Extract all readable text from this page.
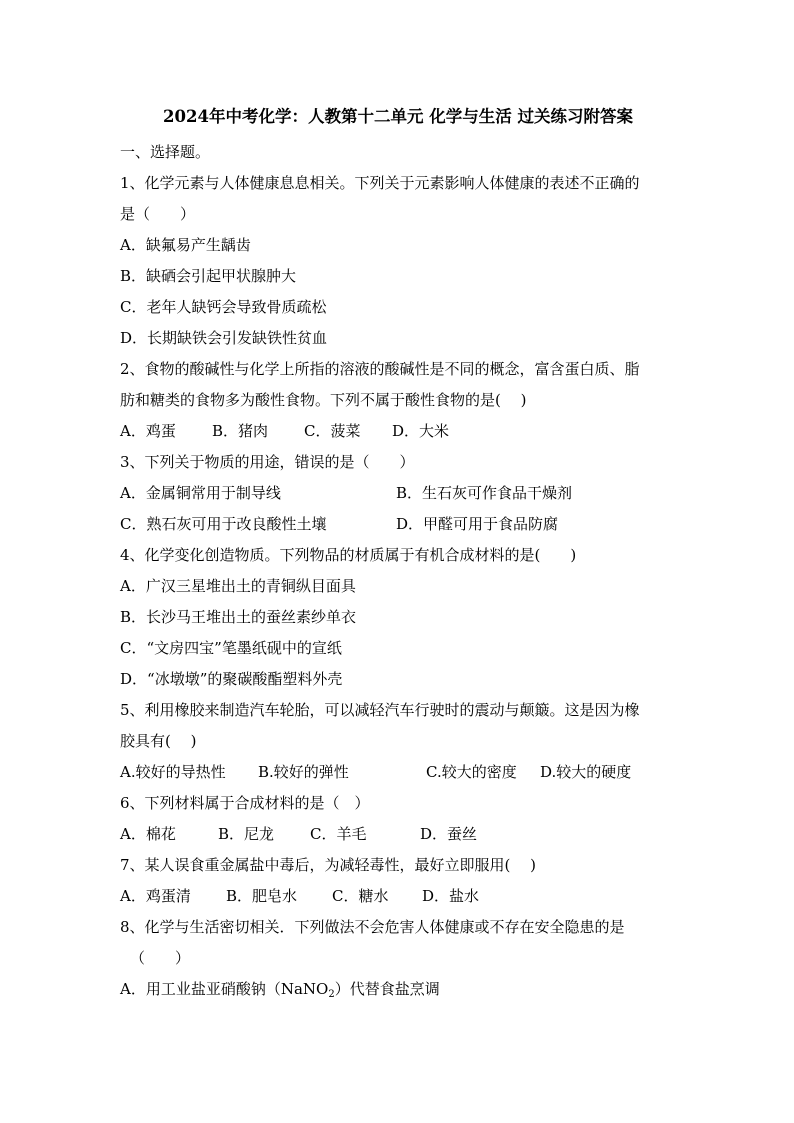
2024年中考化学：人教第十二单元 化学与生活 过关练习附答案
一、选择题。
1、化学元素与人体健康息息相关。下列关于元素影响人体健康的表述不正确的
是（　　）
A．缺氟易产生龋齿
B．缺硒会引起甲状腺肿大
C．老年人缺钙会导致骨质疏松
D．长期缺铁会引发缺铁性贫血
2、食物的酸碱性与化学上所指的溶液的酸碱性是不同的概念，富含蛋白质、脂
肪和糖类的食物多为酸性食物。下列不属于酸性食物的是(　 )
A．鸡蛋	B．猪肉	C．菠菜	D．大米
3、下列关于物质的用途，错误的是（　　）
A．金属铜常用于制导线	B．生石灰可作食品干燥剂
C．熟石灰可用于改良酸性土壤	D．甲醛可用于食品防腐
4、化学变化创造物质。下列物品的材质属于有机合成材料的是(　　)
A．广汉三星堆出土的青铜纵目面具
B．长沙马王堆出土的蚕丝素纱单衣
C．“文房四宝”笔墨纸砚中的宣纸
D．“冰墩墩”的聚碳酸酯塑料外壳
5、利用橡胶来制造汽车轮胎，可以减轻汽车行驶时的震动与颠簸。这是因为橡
胶具有(　 )
A.较好的导热性	B.较好的弹性	C.较大的密度	D.较大的硬度
6、下列材料属于合成材料的是（　）
A．棉花	B．尼龙	C．羊毛	D．蚕丝
7、某人误食重金属盐中毒后，为减轻毒性，最好立即服用(　 )
A．鸡蛋清	B．肥皂水	C．糖水	D．盐水
8、化学与生活密切相关．下列做法不会危害人体健康或不存在安全隐患的是
（　　）
A．用工业盐亚硝酸钠（NaNO$_2$）代替食盐烹调
